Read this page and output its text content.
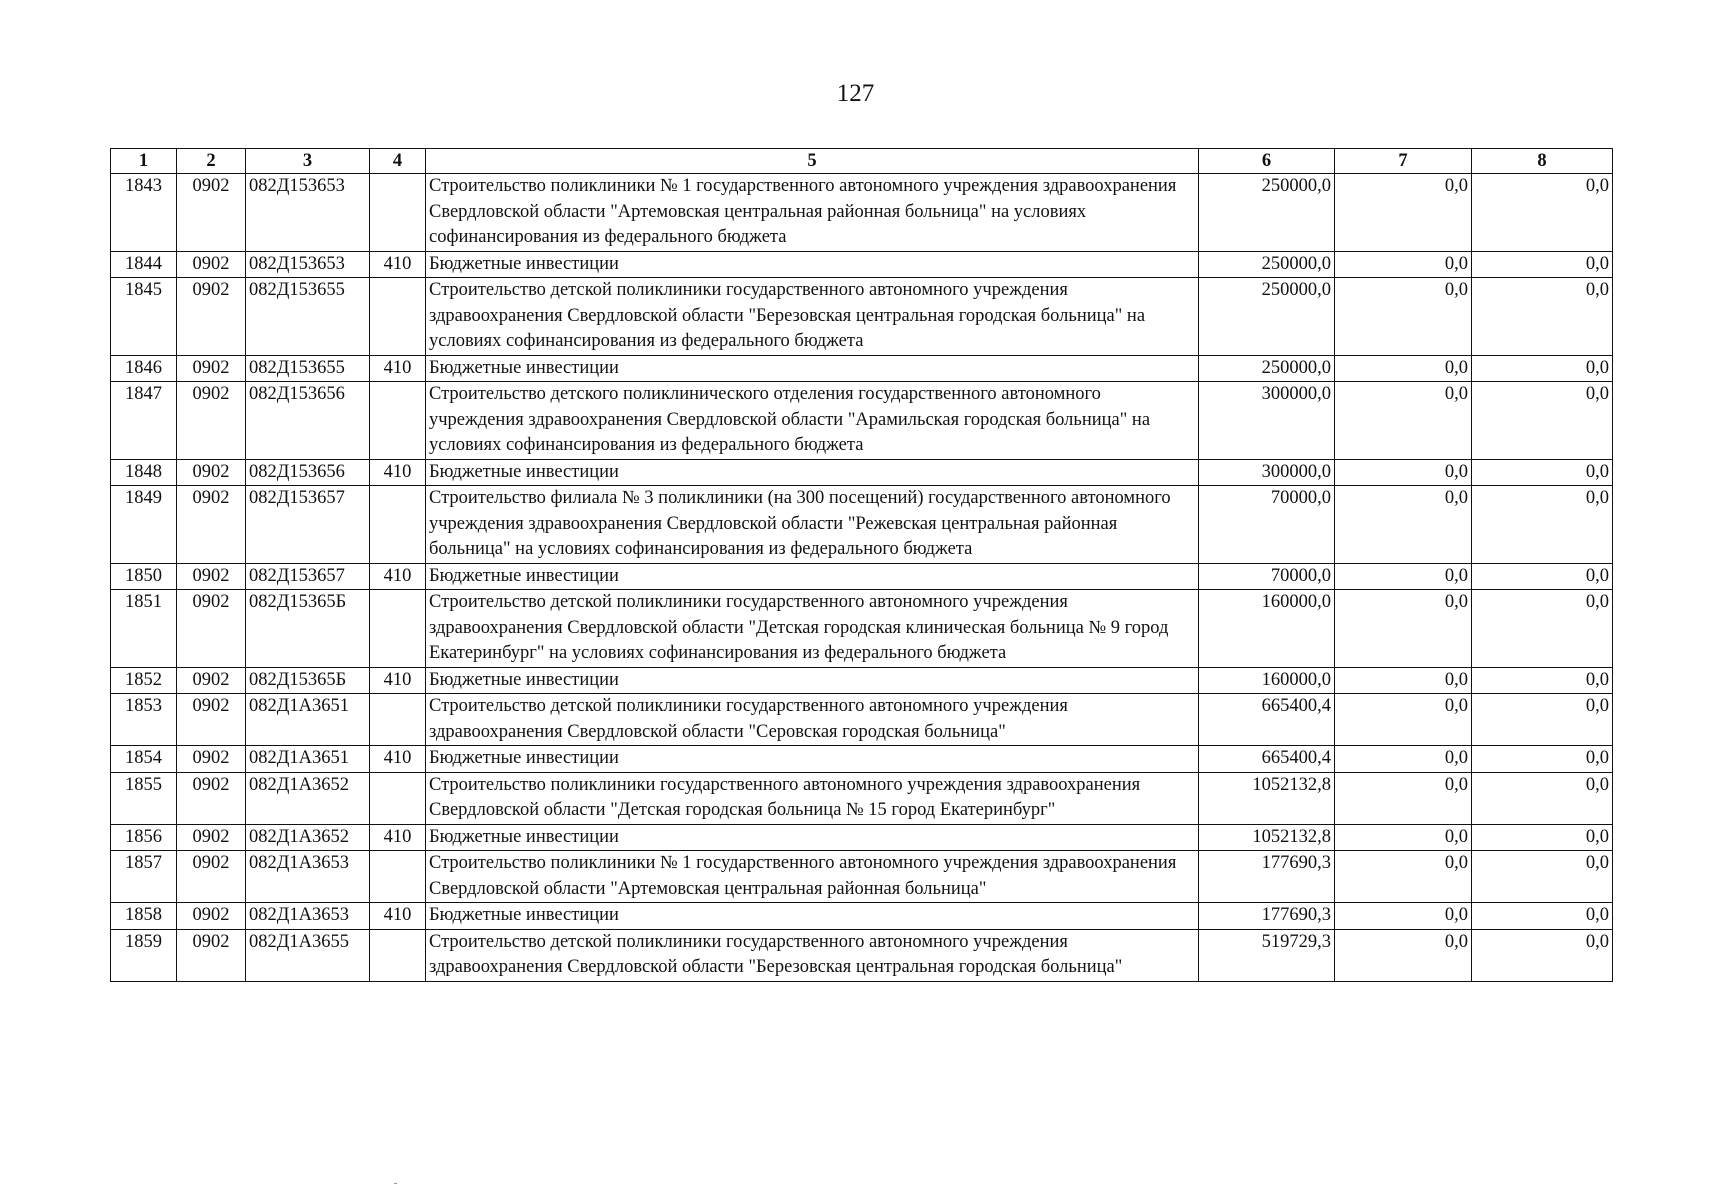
127
1	2	3	4	5	6	7	8
1843	0902	082Д153653		Строительство поликлиники № 1 государственного автономного учреждения здравоохранения Свердловской области "Артемовская центральная районная больница" на условиях софинансирования из федерального бюджета	250000,0	0,0	0,0
1844	0902	082Д153653	410	Бюджетные инвестиции	250000,0	0,0	0,0
1845	0902	082Д153655		Строительство детской поликлиники государственного автономного учреждения здравоохранения Свердловской области "Березовская центральная городская больница" на условиях софинансирования из федерального бюджета	250000,0	0,0	0,0
1846	0902	082Д153655	410	Бюджетные инвестиции	250000,0	0,0	0,0
1847	0902	082Д153656		Строительство детского поликлинического отделения государственного автономного учреждения здравоохранения Свердловской области "Арамильская городская больница" на условиях софинансирования из федерального бюджета	300000,0	0,0	0,0
1848	0902	082Д153656	410	Бюджетные инвестиции	300000,0	0,0	0,0
1849	0902	082Д153657		Строительство филиала № 3 поликлиники (на 300 посещений) государственного автономного учреждения здравоохранения Свердловской области "Режевская центральная районная больница" на условиях софинансирования из федерального бюджета	70000,0	0,0	0,0
1850	0902	082Д153657	410	Бюджетные инвестиции	70000,0	0,0	0,0
1851	0902	082Д15365Б		Строительство детской поликлиники государственного автономного учреждения здравоохранения Свердловской области "Детская городская клиническая больница № 9 город Екатеринбург" на условиях софинансирования из федерального бюджета	160000,0	0,0	0,0
1852	0902	082Д15365Б	410	Бюджетные инвестиции	160000,0	0,0	0,0
1853	0902	082Д1А3651		Строительство детской поликлиники государственного автономного учреждения здравоохранения Свердловской области "Серовская городская больница"	665400,4	0,0	0,0
1854	0902	082Д1А3651	410	Бюджетные инвестиции	665400,4	0,0	0,0
1855	0902	082Д1А3652		Строительство поликлиники государственного автономного учреждения здравоохранения Свердловской области "Детская городская больница № 15 город Екатеринбург"	1052132,8	0,0	0,0
1856	0902	082Д1А3652	410	Бюджетные инвестиции	1052132,8	0,0	0,0
1857	0902	082Д1А3653		Строительство поликлиники № 1 государственного автономного учреждения здравоохранения Свердловской области "Артемовская центральная районная больница"	177690,3	0,0	0,0
1858	0902	082Д1А3653	410	Бюджетные инвестиции	177690,3	0,0	0,0
1859	0902	082Д1А3655		Строительство детской поликлиники государственного автономного учреждения здравоохранения Свердловской области "Березовская центральная городская больница"	519729,3	0,0	0,0
